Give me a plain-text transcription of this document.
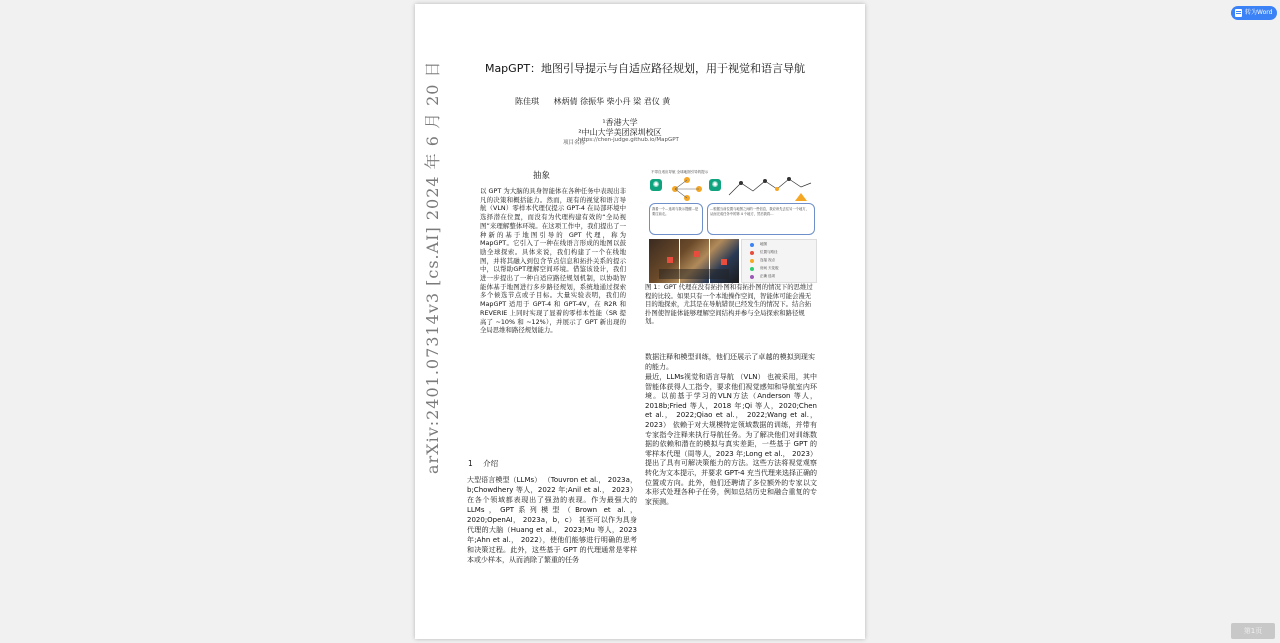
arXiv:2401.07314v3 [cs.AI] 2024 年 6 月 20 日	MapGPT：地图引导提示与自适应路径规划，用于视觉和语言导航
陈佳琪 林炳倩 徐振华 柴小丹 梁 君仪 黄
¹香港大学
²中山大学美团深圳校区
项目名称
https://chen-judge.github.io/MapGPT
抽象
以 GPT 为大脑的具身智能体在各种任务中表现出非凡的决策和概括能力。然而，现有的视觉和语言导航（VLN）零样本代理仅提示 GPT-4 在局部环境中选择潜在位置，而没有为代理构建有效的“全局视图”来理解整体环境。在这项工作中，我们提出了一种新的基于地图引导的 GPT 代理，称为 MapGPT。它引入了一种在线语言形成的地图以鼓励全球探索。具体来说，我们构建了一个在线地图，并将其融入到包含节点信息和拓扑关系的提示中，以帮助GPT理解空间环境。借鉴该设计，我们进一步提出了一种自适应路径规划机制，以协助智能体基于地图进行多步路径规划，系统地通过探索多个候选节点或子目标。大量实验表明，我们的 MapGPT 适用于 GPT-4 和 GPT-4V，在 R2R 和 REVERIE 上同时实现了显着的零样本性能（SR 提高了 ~10% 和 ~12%），并展示了 GPT 新出现的全局思维和路径规划能力。
不带自适应导航 全球地图引导的提示
✺	✺
我看一个…选项与我示提醒…是要往前走。
…根据当前位置与地图之间的一些信息，我应该先去往另一个地方，从而完成任务中的第 4 个地方，然后我将…
地图
位置与路径
连接 视点
房间 天花板
正确 选项
图 1：GPT 代理在没有拓扑图和有拓扑图的情况下的思维过程的比较。如果只有一个本地操作空间，智能体可能会漫无目的地探索，尤其是在导航错误已经发生的情况下。结合拓扑图使智能体能够理解空间结构并参与全局探索和路径规划。
数据注释和模型训练，他们还展示了卓越的模拟到现实的能力。
最近，LLMs视觉和语言导航 （VLN） 也被采用，其中智能体获得人工指令，要求他们视觉感知和导航室内环境。以前基于学习的VLN方法（Anderson 等人，2018b;Fried 等人，2018 年;Qi 等人，2020;Chen et al.， 2022;Qiao et al.， 2022;Wang et al.， 2023） 依赖于对大规模特定领域数据的训练，并带有专家指令注释来执行导航任务。为了解决他们对训练数据的依赖和潜在的模拟与真实差距，一些基于 GPT 的零样本代理（周等人，2023 年;Long et al.， 2023） 提出了具有可解决策能力的方法。这些方法将视觉观察转化为文本提示，并要求 GPT-4 充当代理来选择正确的位置或方向。此外，他们还聘请了多位额外的专家以文本形式处理各种子任务，例如总结历史和融合重复的专家预测。
1 介绍
大型语言模型（LLMs） （Touvron et al.， 2023a，b;Chowdhery 等人，2022 年;Anil et al.， 2023） 在各个领域都表现出了强劲的表现。作为最强大的LLMs，GPT系列模型（Brown et al.， 2020;OpenAI， 2023a，b，c） 甚至可以作为具身代理的大脑（Huang et al.， 2023;Mu 等人，2023 年;Ahn et al.， 2022），使他们能够进行明确的思考和决策过程。此外，这些基于 GPT 的代理通常是零样本或少样本，从而消除了繁重的任务
转为Word
第1页
